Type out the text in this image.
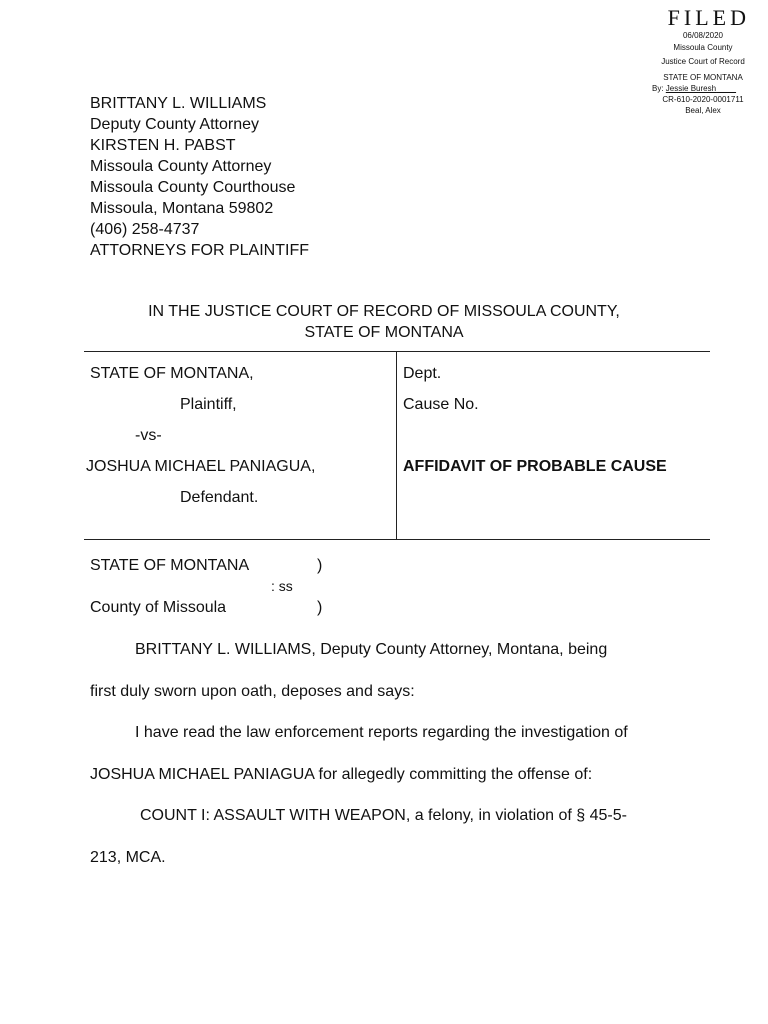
FILED
06/08/2020
Missoula County
Justice Court of Record
STATE OF MONTANA
By: Jessie Buresh
CR-610-2020-0001711
Beal, Alex
BRITTANY L. WILLIAMS
Deputy County Attorney
KIRSTEN H. PABST
Missoula County Attorney
Missoula County Courthouse
Missoula, Montana 59802
(406) 258-4737
ATTORNEYS FOR PLAINTIFF
IN THE JUSTICE COURT OF RECORD OF MISSOULA COUNTY,
STATE OF MONTANA
STATE OF MONTANA,
Plaintiff,
-vs-
JOSHUA MICHAEL PANIAGUA,
Defendant.
Dept.
Cause No.
AFFIDAVIT OF PROBABLE CAUSE
STATE OF MONTANA	)
: ss
County of Missoula	)
BRITTANY L. WILLIAMS, Deputy County Attorney, Montana, being
first duly sworn upon oath, deposes and says:
I have read the law enforcement reports regarding the investigation of
JOSHUA MICHAEL PANIAGUA for allegedly committing the offense of:
COUNT I: ASSAULT WITH WEAPON, a felony, in violation of § 45-5-
213, MCA.
